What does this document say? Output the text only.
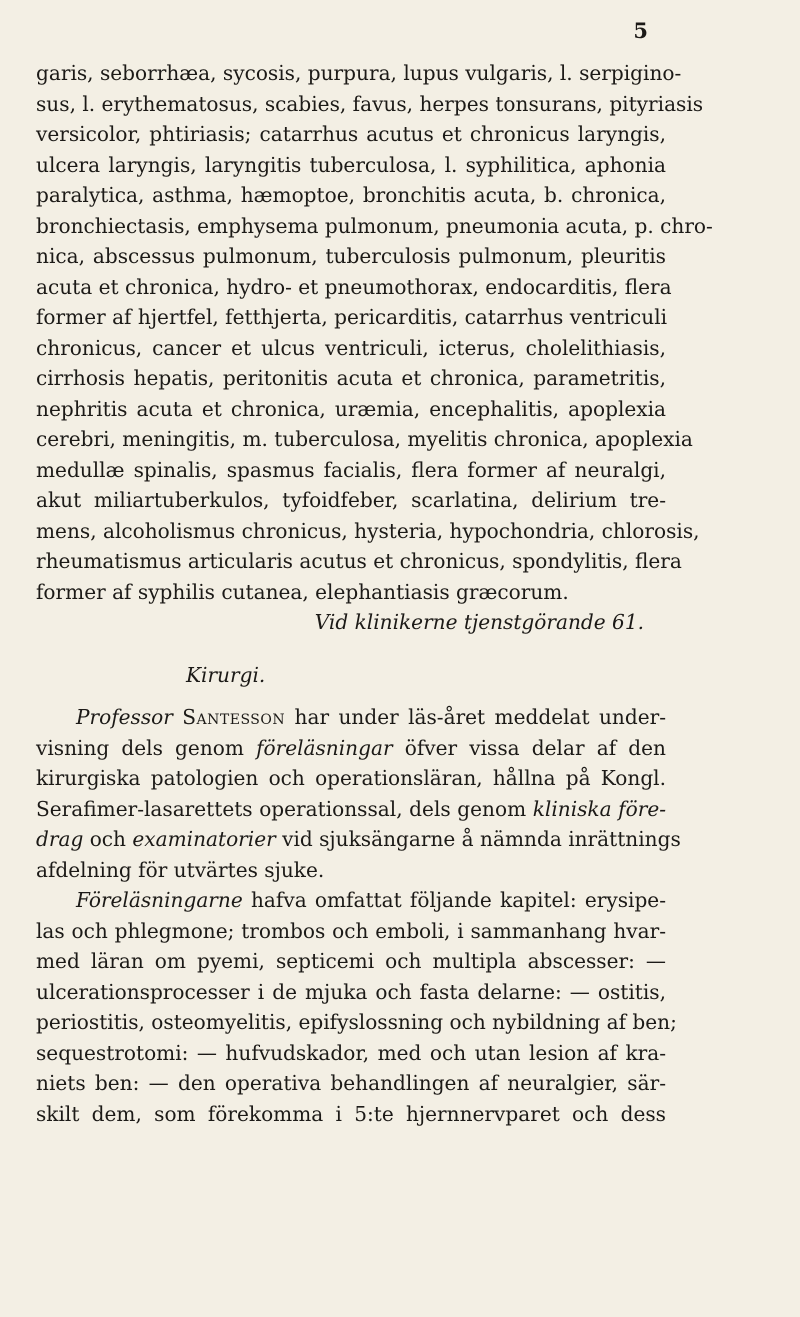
5
garis, seborrhæa, sycosis, purpura, lupus vulgaris, l. serpigino-
sus, l. erythematosus, scabies, favus, herpes tonsurans, pityriasis
versicolor, phtiriasis; catarrhus acutus et chronicus laryngis,
ulcera laryngis, laryngitis tuberculosa, l. syphilitica, aphonia
paralytica, asthma, hæmoptoe, bronchitis acuta, b. chronica,
bronchiectasis, emphysema pulmonum, pneumonia acuta, p. chro-
nica, abscessus pulmonum, tuberculosis pulmonum, pleuritis
acuta et chronica, hydro- et pneumothorax, endocarditis, flera
former af hjertfel, fetthjerta, pericarditis, catarrhus ventriculi
chronicus, cancer et ulcus ventriculi, icterus, cholelithiasis,
cirrhosis hepatis, peritonitis acuta et chronica, parametritis,
nephritis acuta et chronica, uræmia, encephalitis, apoplexia
cerebri, meningitis, m. tuberculosa, myelitis chronica, apoplexia
medullæ spinalis, spasmus facialis, flera former af neuralgi,
akut miliartuberkulos, tyfoidfeber, scarlatina, delirium tre-
mens, alcoholismus chronicus, hysteria, hypochondria, chlorosis,
rheumatismus articularis acutus et chronicus, spondylitis, flera
former af syphilis cutanea, elephantiasis græcorum.
Vid klinikerne tjenstgörande 61.
Kirurgi.
Professor Santesson har under läs-året meddelat under-
visning dels genom föreläsningar öfver vissa delar af den
kirurgiska patologien och operationsläran, hållna på Kongl.
Serafimer-lasarettets operationssal, dels genom kliniska före-
drag och examinatorier vid sjuksängarne å nämnda inrättnings
afdelning för utvärtes sjuke.
Föreläsningarne hafva omfattat följande kapitel: erysipe-
las och phlegmone; trombos och emboli, i sammanhang hvar-
med läran om pyemi, septicemi och multipla abscesser: —
ulcerationsprocesser i de mjuka och fasta delarne: — ostitis,
periostitis, osteomyelitis, epifyslossning och nybildning af ben;
sequestrotomi: — hufvudskador, med och utan lesion af kra-
niets ben: — den operativa behandlingen af neuralgier, sär-
skilt dem, som förekomma i 5:te hjernnervparet och dess
